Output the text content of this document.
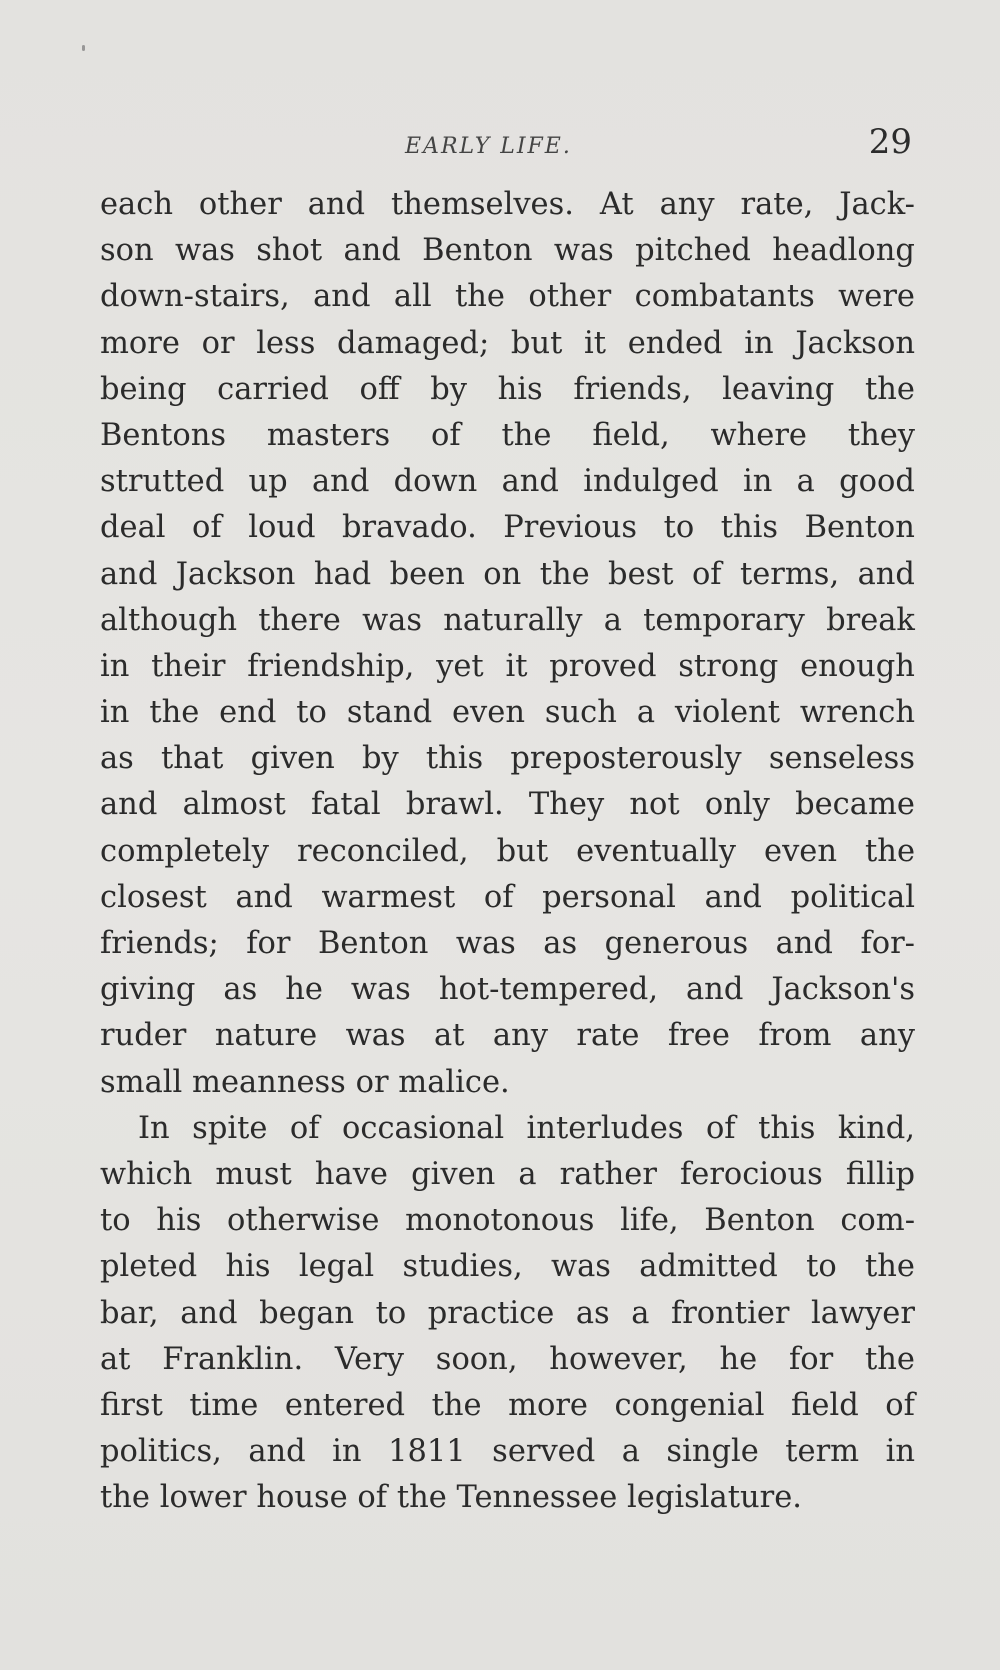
EARLY LIFE.	29
each other and themselves. At any rate, Jack-
son was shot and Benton was pitched headlong
down-stairs, and all the other combatants were
more or less damaged; but it ended in Jackson
being carried off by his friends, leaving the
Bentons masters of the field, where they
strutted up and down and indulged in a good
deal of loud bravado. Previous to this Benton
and Jackson had been on the best of terms, and
although there was naturally a temporary break
in their friendship, yet it proved strong enough
in the end to stand even such a violent wrench
as that given by this preposterously senseless
and almost fatal brawl. They not only became
completely reconciled, but eventually even the
closest and warmest of personal and political
friends; for Benton was as generous and for-
giving as he was hot-tempered, and Jackson's
ruder nature was at any rate free from any
small meanness or malice.
In spite of occasional interludes of this kind,
which must have given a rather ferocious fillip
to his otherwise monotonous life, Benton com-
pleted his legal studies, was admitted to the
bar, and began to practice as a frontier lawyer
at Franklin. Very soon, however, he for the
first time entered the more congenial field of
politics, and in 1811 served a single term in
the lower house of the Tennessee legislature.
